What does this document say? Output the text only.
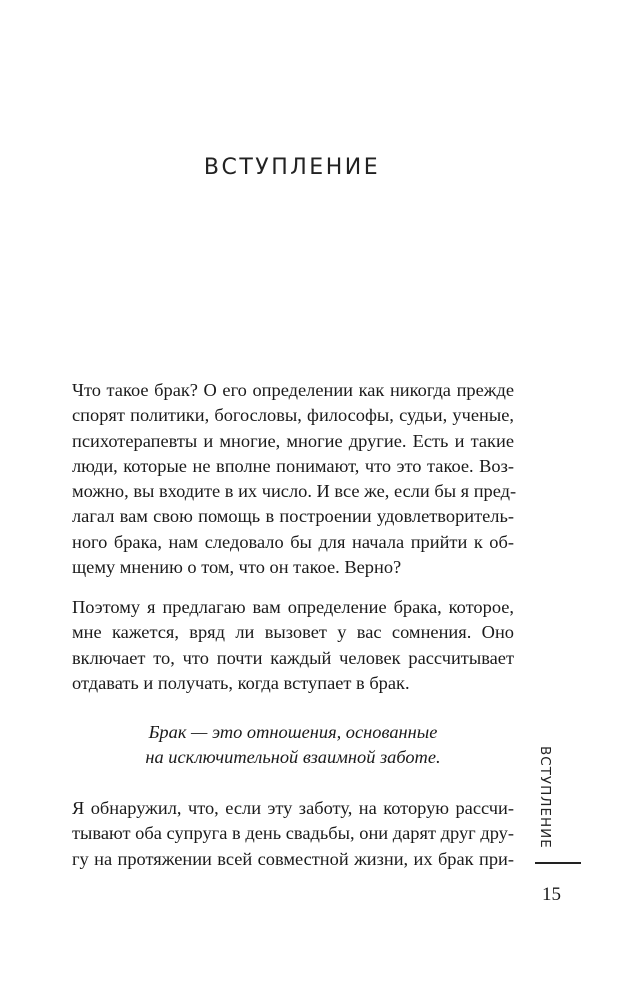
ВСТУПЛЕНИЕ
Что такое брак? О его определении как никогда прежде
спорят политики, богословы, философы, судьи, ученые,
психотерапевты и многие, многие другие. Есть и такие
люди, которые не вполне понимают, что это такое. Воз-
можно, вы входите в их число. И все же, если бы я пред-
лагал вам свою помощь в построении удовлетворитель-
ного брака, нам следовало бы для начала прийти к об-
щему мнению о том, что он такое. Верно?
Поэтому я предлагаю вам определение брака, которое,
мне кажется, вряд ли вызовет у вас сомнения. Оно
включает то, что почти каждый человек рассчитывает
отдавать и получать, когда вступает в брак.
Брак — это отношения, основанные
на исключительной взаимной заботе.
Я обнаружил, что, если эту заботу, на которую рассчи-
тывают оба супруга в день свадьбы, они дарят друг дру-
гу на протяжении всей совместной жизни, их брак при-
ВСТУПЛЕНИЕ
15
